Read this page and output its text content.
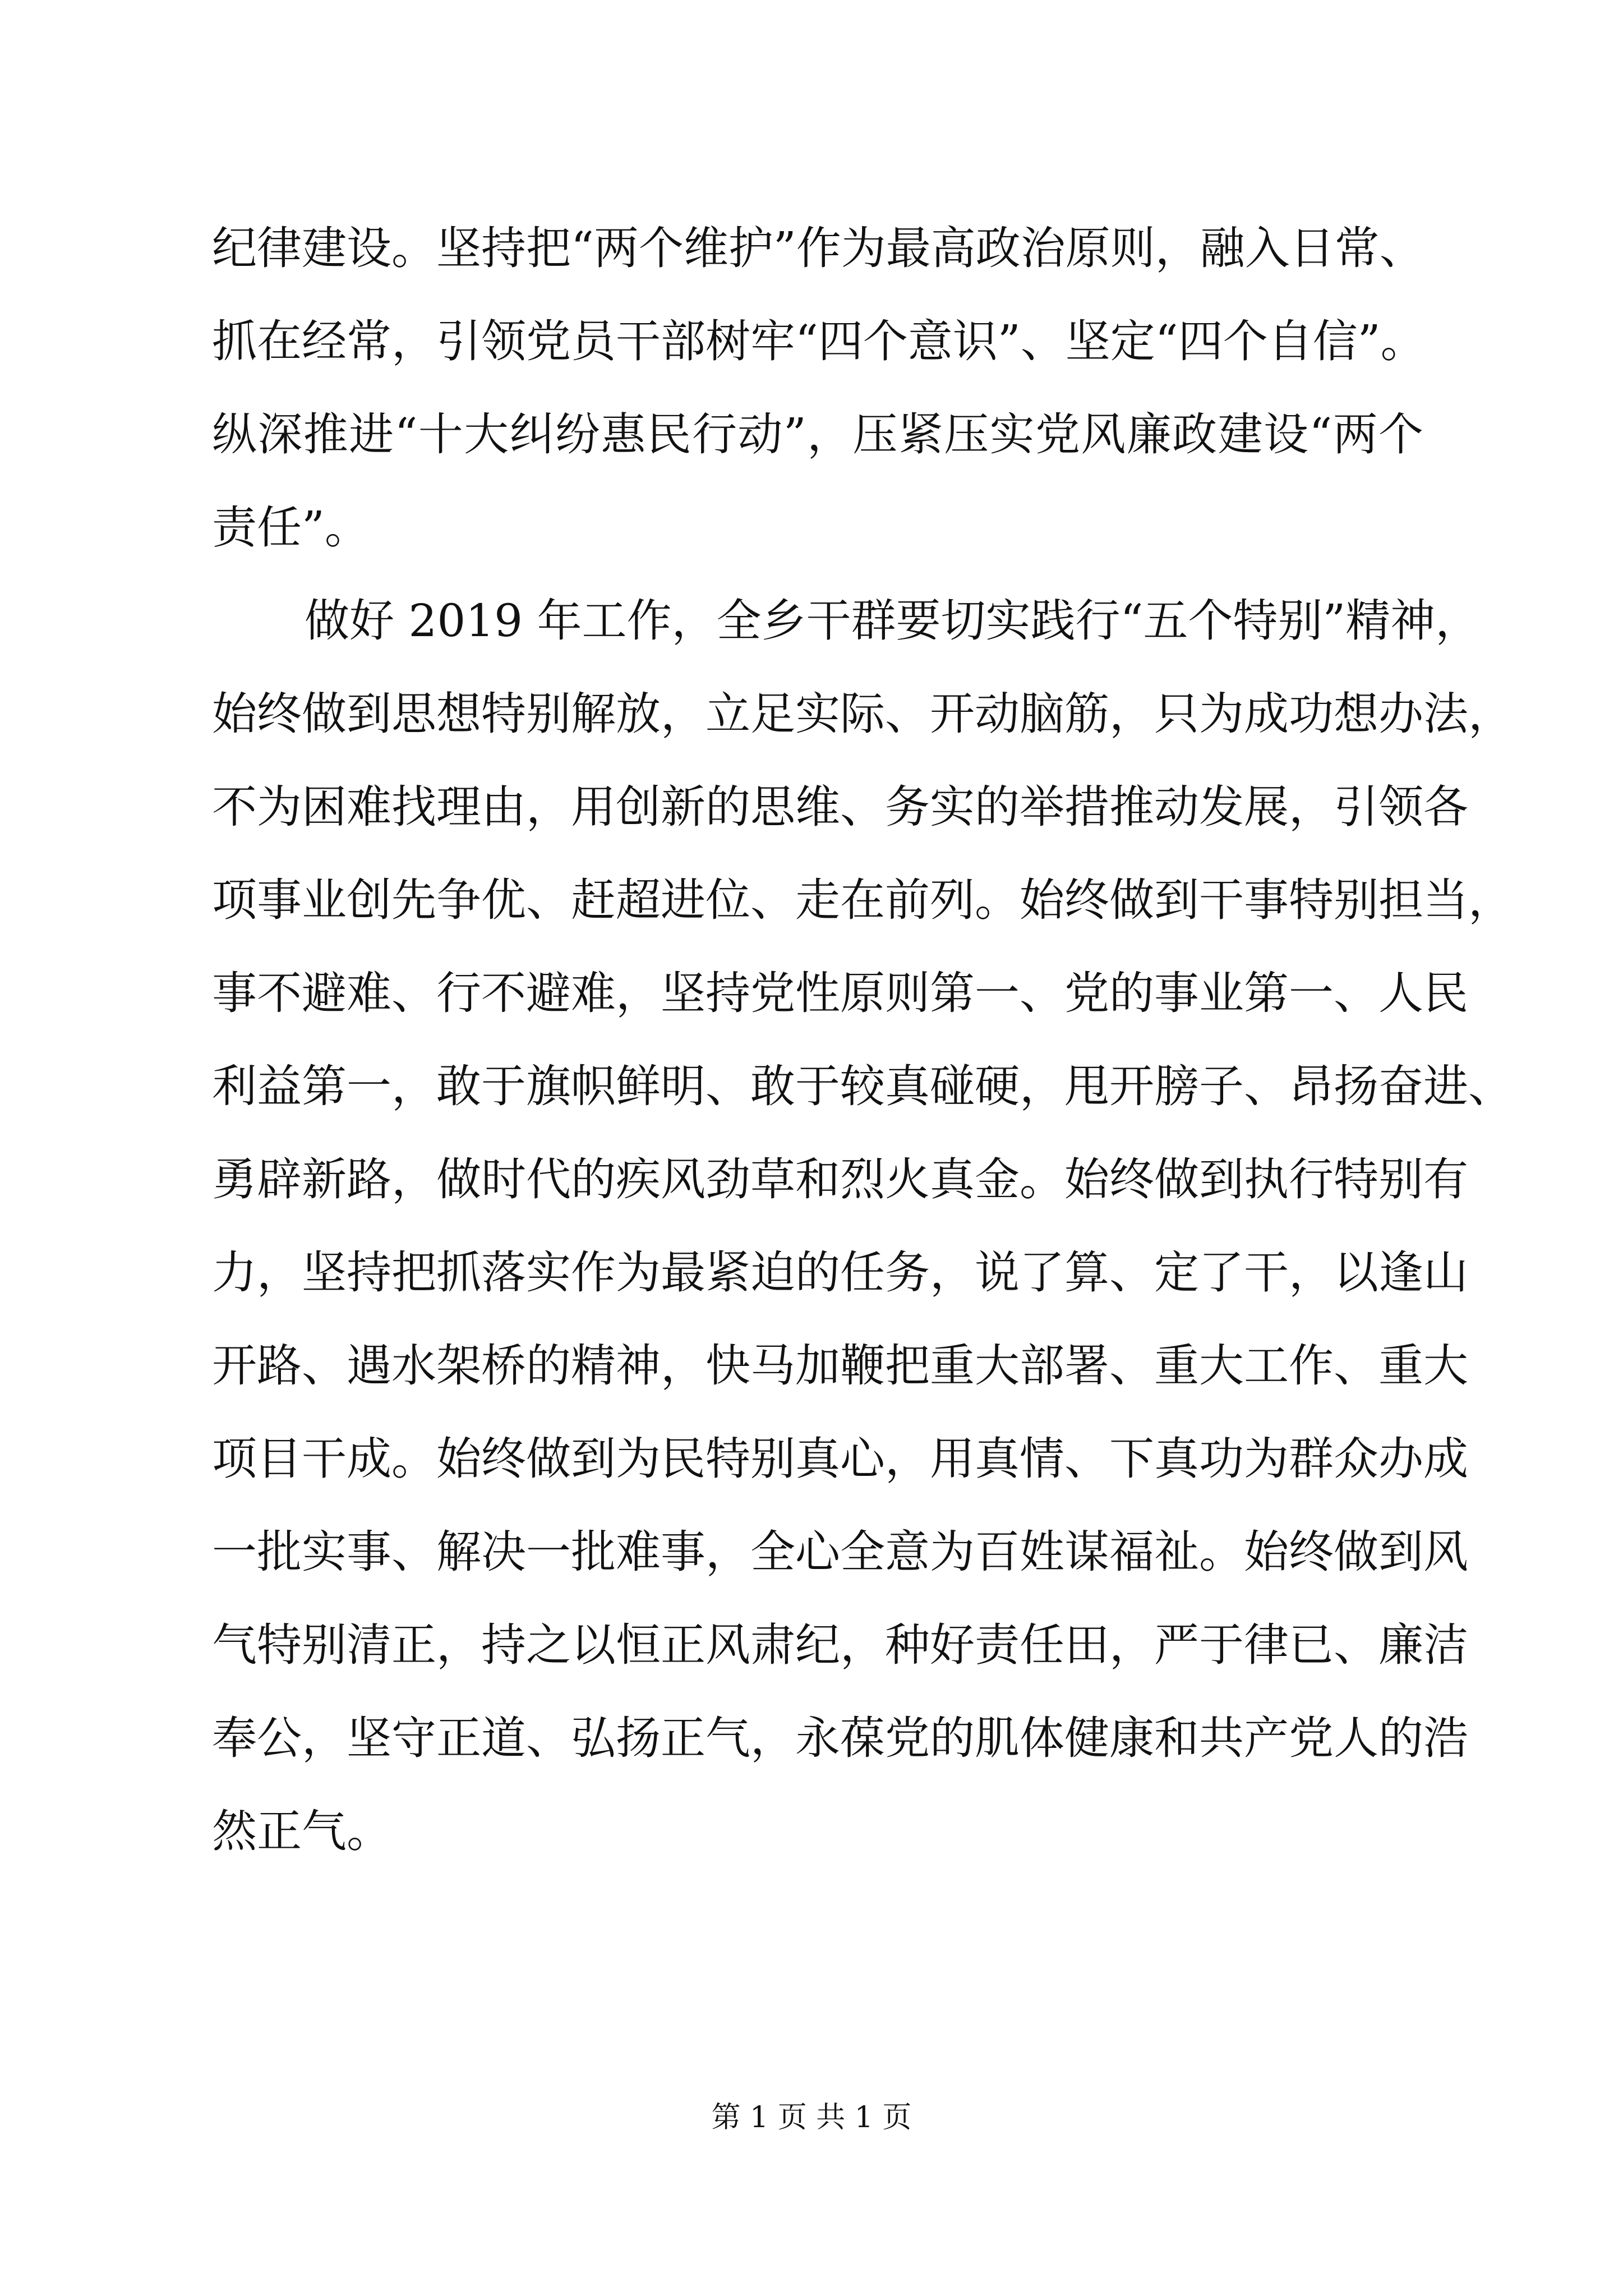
纪律建设。坚持把“两个维护”作为最高政治原则，融入日常、
抓在经常，引领党员干部树牢“四个意识”、坚定“四个自信”。
纵深推进“十大纠纷惠民行动”，压紧压实党风廉政建设“两个
责任”。
做好 2019 年工作，全乡干群要切实践行“五个特别”精神，
始终做到思想特别解放，立足实际、开动脑筋，只为成功想办法，
不为困难找理由，用创新的思维、务实的举措推动发展，引领各
项事业创先争优、赶超进位、走在前列。始终做到干事特别担当，
事不避难、行不避难，坚持党性原则第一、党的事业第一、人民
利益第一，敢于旗帜鲜明、敢于较真碰硬，甩开膀子、昂扬奋进、
勇辟新路，做时代的疾风劲草和烈火真金。始终做到执行特别有
力，坚持把抓落实作为最紧迫的任务，说了算、定了干，以逢山
开路、遇水架桥的精神，快马加鞭把重大部署、重大工作、重大
项目干成。始终做到为民特别真心，用真情、下真功为群众办成
一批实事、解决一批难事，全心全意为百姓谋福祉。始终做到风
气特别清正，持之以恒正风肃纪，种好责任田，严于律已、廉洁
奉公，坚守正道、弘扬正气，永葆党的肌体健康和共产党人的浩
然正气。
第 1 页 共 1 页
